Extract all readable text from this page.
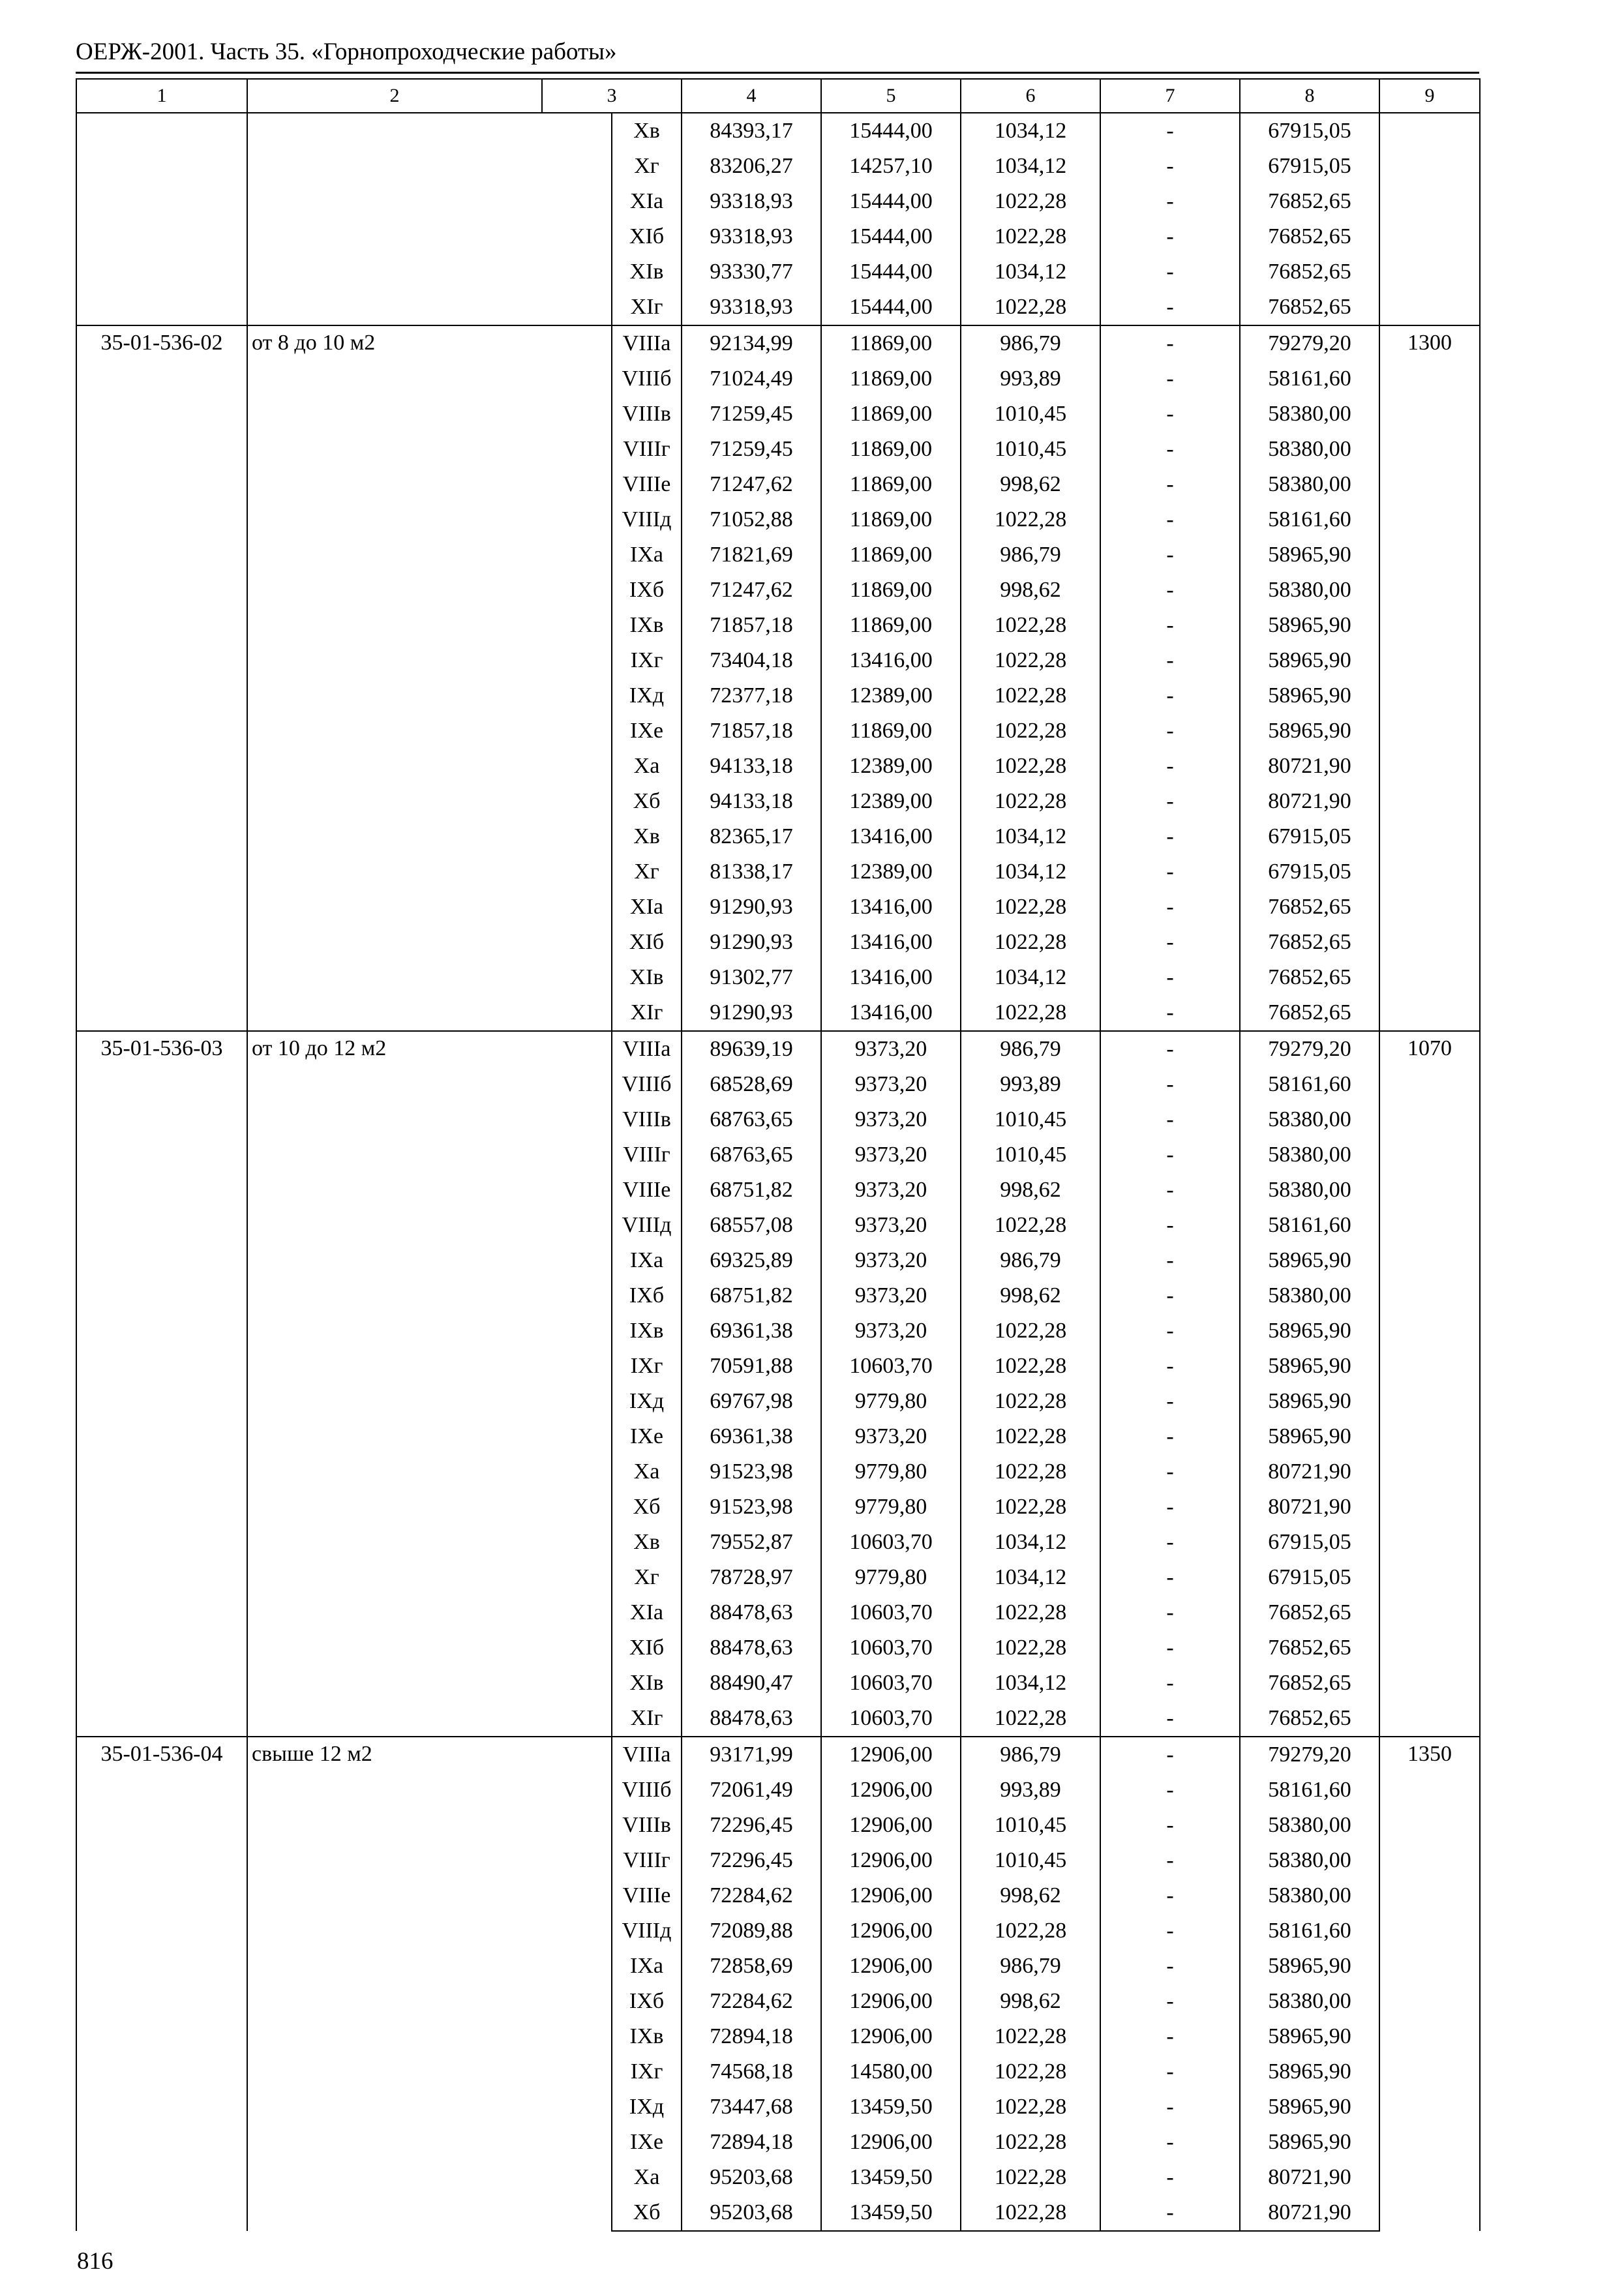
ОЕРЖ-2001. Часть 35. «Горнопроходческие работы»
1	2	3		4	5	6	7	8	9
			Хв	84393,17	15444,00	1034,12	-	67915,05	
			Хг	83206,27	14257,10	1034,12	-	67915,05	
			XIа	93318,93	15444,00	1022,28	-	76852,65	
			XIб	93318,93	15444,00	1022,28	-	76852,65	
			XIв	93330,77	15444,00	1034,12	-	76852,65	
			XIг	93318,93	15444,00	1022,28	-	76852,65	
35-01-536-02	от 8 до 10 м2		VIIIа	92134,99	11869,00	986,79	-	79279,20	1300
			VIIIб	71024,49	11869,00	993,89	-	58161,60	
			VIIIв	71259,45	11869,00	1010,45	-	58380,00	
			VIIIг	71259,45	11869,00	1010,45	-	58380,00	
			VIIIе	71247,62	11869,00	998,62	-	58380,00	
			VIIIд	71052,88	11869,00	1022,28	-	58161,60	
			IХа	71821,69	11869,00	986,79	-	58965,90	
			IХб	71247,62	11869,00	998,62	-	58380,00	
			IХв	71857,18	11869,00	1022,28	-	58965,90	
			IХг	73404,18	13416,00	1022,28	-	58965,90	
			IХд	72377,18	12389,00	1022,28	-	58965,90	
			IХе	71857,18	11869,00	1022,28	-	58965,90	
			Ха	94133,18	12389,00	1022,28	-	80721,90	
			Хб	94133,18	12389,00	1022,28	-	80721,90	
			Хв	82365,17	13416,00	1034,12	-	67915,05	
			Хг	81338,17	12389,00	1034,12	-	67915,05	
			XIа	91290,93	13416,00	1022,28	-	76852,65	
			XIб	91290,93	13416,00	1022,28	-	76852,65	
			XIв	91302,77	13416,00	1034,12	-	76852,65	
			XIг	91290,93	13416,00	1022,28	-	76852,65	
35-01-536-03	от 10 до 12 м2		VIIIа	89639,19	9373,20	986,79	-	79279,20	1070
			VIIIб	68528,69	9373,20	993,89	-	58161,60	
			VIIIв	68763,65	9373,20	1010,45	-	58380,00	
			VIIIг	68763,65	9373,20	1010,45	-	58380,00	
			VIIIе	68751,82	9373,20	998,62	-	58380,00	
			VIIIд	68557,08	9373,20	1022,28	-	58161,60	
			IХа	69325,89	9373,20	986,79	-	58965,90	
			IХб	68751,82	9373,20	998,62	-	58380,00	
			IХв	69361,38	9373,20	1022,28	-	58965,90	
			IХг	70591,88	10603,70	1022,28	-	58965,90	
			IХд	69767,98	9779,80	1022,28	-	58965,90	
			IХе	69361,38	9373,20	1022,28	-	58965,90	
			Ха	91523,98	9779,80	1022,28	-	80721,90	
			Хб	91523,98	9779,80	1022,28	-	80721,90	
			Хв	79552,87	10603,70	1034,12	-	67915,05	
			Хг	78728,97	9779,80	1034,12	-	67915,05	
			XIа	88478,63	10603,70	1022,28	-	76852,65	
			XIб	88478,63	10603,70	1022,28	-	76852,65	
			XIв	88490,47	10603,70	1034,12	-	76852,65	
			XIг	88478,63	10603,70	1022,28	-	76852,65	
35-01-536-04	свыше 12 м2		VIIIа	93171,99	12906,00	986,79	-	79279,20	1350
			VIIIб	72061,49	12906,00	993,89	-	58161,60	
			VIIIв	72296,45	12906,00	1010,45	-	58380,00	
			VIIIг	72296,45	12906,00	1010,45	-	58380,00	
			VIIIе	72284,62	12906,00	998,62	-	58380,00	
			VIIIд	72089,88	12906,00	1022,28	-	58161,60	
			IХа	72858,69	12906,00	986,79	-	58965,90	
			IХб	72284,62	12906,00	998,62	-	58380,00	
			IХв	72894,18	12906,00	1022,28	-	58965,90	
			IХг	74568,18	14580,00	1022,28	-	58965,90	
			IХд	73447,68	13459,50	1022,28	-	58965,90	
			IХе	72894,18	12906,00	1022,28	-	58965,90	
			Ха	95203,68	13459,50	1022,28	-	80721,90	
			Хб	95203,68	13459,50	1022,28	-	80721,90	
816
